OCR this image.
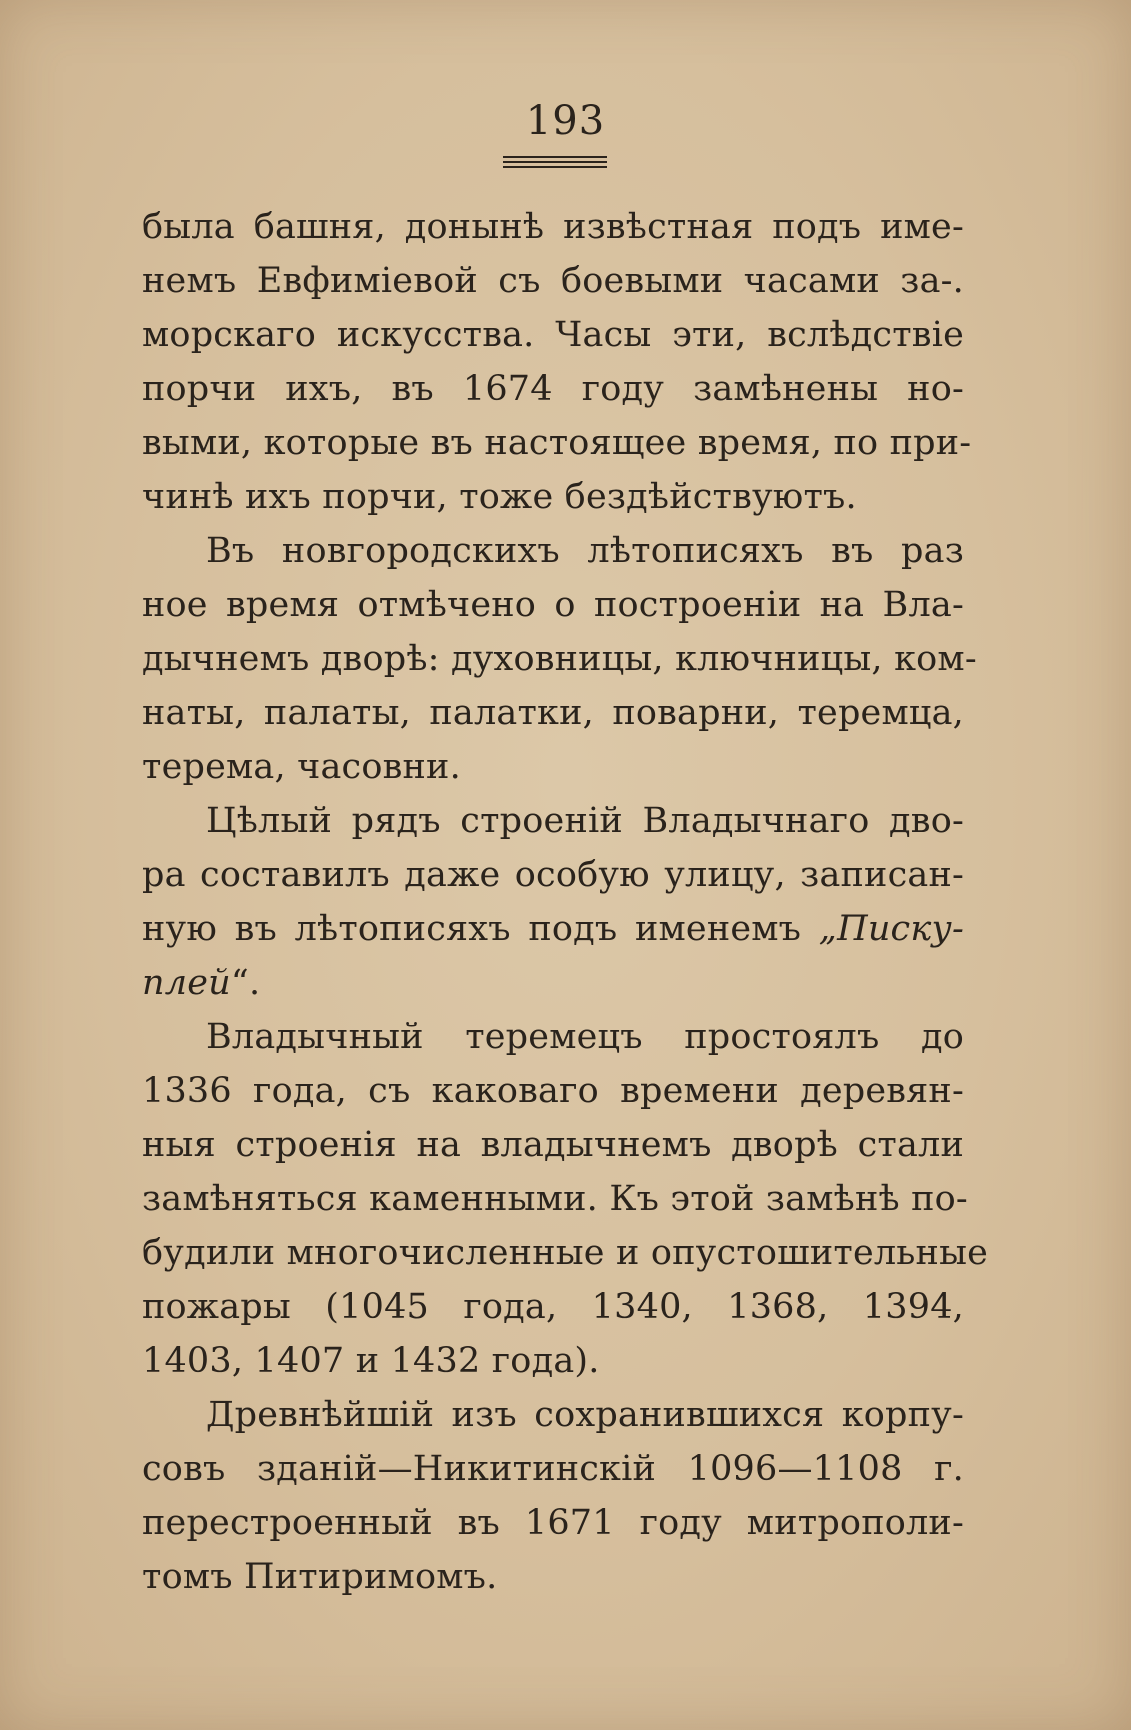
193
была башня, донынѣ извѣстная подъ име-
немъ Евфиміевой съ боевыми часами за-.
морскаго искусства. Часы эти, вслѣдствіе
порчи ихъ, въ 1674 году замѣнены но-
выми, которые въ настоящее время, по при-
чинѣ ихъ порчи, тоже бездѣйствуютъ.
Въ новгородскихъ лѣтописяхъ въ раз
ное время отмѣчено о построеніи на Вла-
дычнемъ дворѣ: духовницы, ключницы, ком-
наты, палаты, палатки, поварни, теремца,
терема, часовни.
Цѣлый рядъ строеній Владычнаго дво-
ра составилъ даже особую улицу, записан-
ную въ лѣтописяхъ подъ именемъ „Писку-
плей“.
Владычный теремецъ простоялъ до
1336 года, съ каковаго времени деревян-
ныя строенія на владычнемъ дворѣ стали
замѣняться каменными. Къ этой замѣнѣ по-
будили многочисленные и опустошительные
пожары (1045 года, 1340, 1368, 1394,
1403, 1407 и 1432 года).
Древнѣйшій изъ сохранившихся корпу-
совъ зданій—Никитинскій 1096—1108 г.
перестроенный въ 1671 году митрополи-
томъ Питиримомъ.
